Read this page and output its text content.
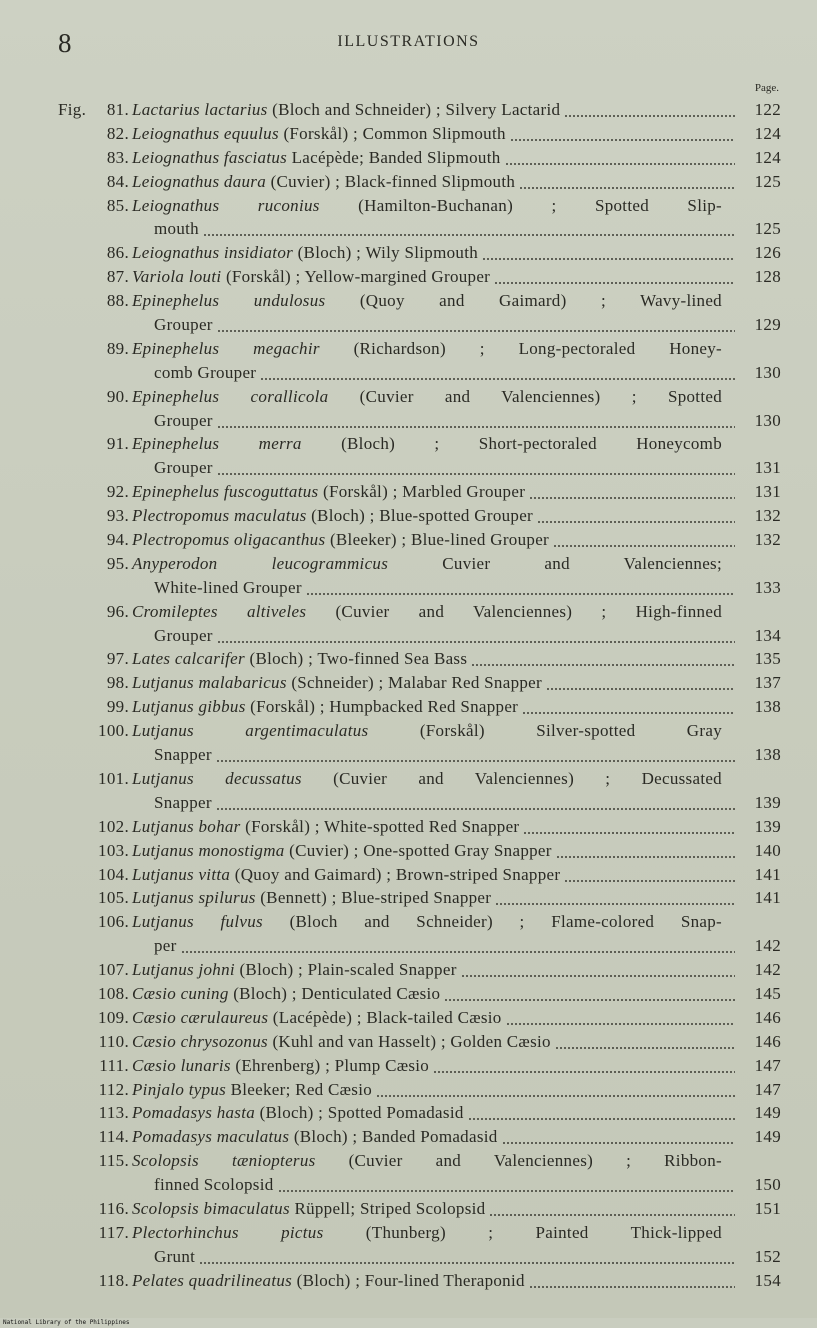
8	ILLUSTRATIONS
Page.
Fig. 81. Lactarius lactarius (Bloch and Schneider) ; Silvery Lactarid	122
82. Leiognathus equulus (Forskål) ; Common Slipmouth	124
83. Leiognathus fasciatus Lacépède; Banded Slipmouth	124
84. Leiognathus daura (Cuvier) ; Black-finned Slipmouth	125
85. Leiognathus ruconius (Hamilton-Buchanan) ; Spotted Slip-
mouth	125
86. Leiognathus insidiator (Bloch) ; Wily Slipmouth	126
87. Variola louti (Forskål) ; Yellow-margined Grouper	128
88. Epinephelus undulosus (Quoy and Gaimard) ; Wavy-lined
Grouper	129
89. Epinephelus megachir (Richardson) ; Long-pectoraled Honey-
comb Grouper	130
90. Epinephelus corallicola (Cuvier and Valenciennes) ; Spotted
Grouper	130
91. Epinephelus merra (Bloch) ; Short-pectoraled Honeycomb
Grouper	131
92. Epinephelus fuscoguttatus (Forskål) ; Marbled Grouper	131
93. Plectropomus maculatus (Bloch) ; Blue-spotted Grouper	132
94. Plectropomus oligacanthus (Bleeker) ; Blue-lined Grouper	132
95. Anyperodon leucogrammicus Cuvier and Valenciennes;
White-lined Grouper	133
96. Cromileptes altiveles (Cuvier and Valenciennes) ; High-finned
Grouper	134
97. Lates calcarifer (Bloch) ; Two-finned Sea Bass	135
98. Lutjanus malabaricus (Schneider) ; Malabar Red Snapper	137
99. Lutjanus gibbus (Forskål) ; Humpbacked Red Snapper	138
100. Lutjanus argentimaculatus (Forskål) Silver-spotted Gray
Snapper	138
101. Lutjanus decussatus (Cuvier and Valenciennes) ; Decussated
Snapper	139
102. Lutjanus bohar (Forskål) ; White-spotted Red Snapper	139
103. Lutjanus monostigma (Cuvier) ; One-spotted Gray Snapper	140
104. Lutjanus vitta (Quoy and Gaimard) ; Brown-striped Snapper	141
105. Lutjanus spilurus (Bennett) ; Blue-striped Snapper	141
106. Lutjanus fulvus (Bloch and Schneider) ; Flame-colored Snap-
per	142
107. Lutjanus johni (Bloch) ; Plain-scaled Snapper	142
108. Cæsio cuning (Bloch) ; Denticulated Cæsio	145
109. Cæsio cærulaureus (Lacépède) ; Black-tailed Cæsio	146
110. Cæsio chrysozonus (Kuhl and van Hasselt) ; Golden Cæsio	146
111. Cæsio lunaris (Ehrenberg) ; Plump Cæsio	147
112. Pinjalo typus Bleeker; Red Cæsio	147
113. Pomadasys hasta (Bloch) ; Spotted Pomadasid	149
114. Pomadasys maculatus (Bloch) ; Banded Pomadasid	149
115. Scolopsis tæniopterus (Cuvier and Valenciennes) ; Ribbon-
finned Scolopsid	150
116. Scolopsis bimaculatus Rüppell; Striped Scolopsid	151
117. Plectorhinchus pictus (Thunberg) ; Painted Thick-lipped
Grunt	152
118. Pelates quadrilineatus (Bloch) ; Four-lined Theraponid	154
National Library of the Philippines
